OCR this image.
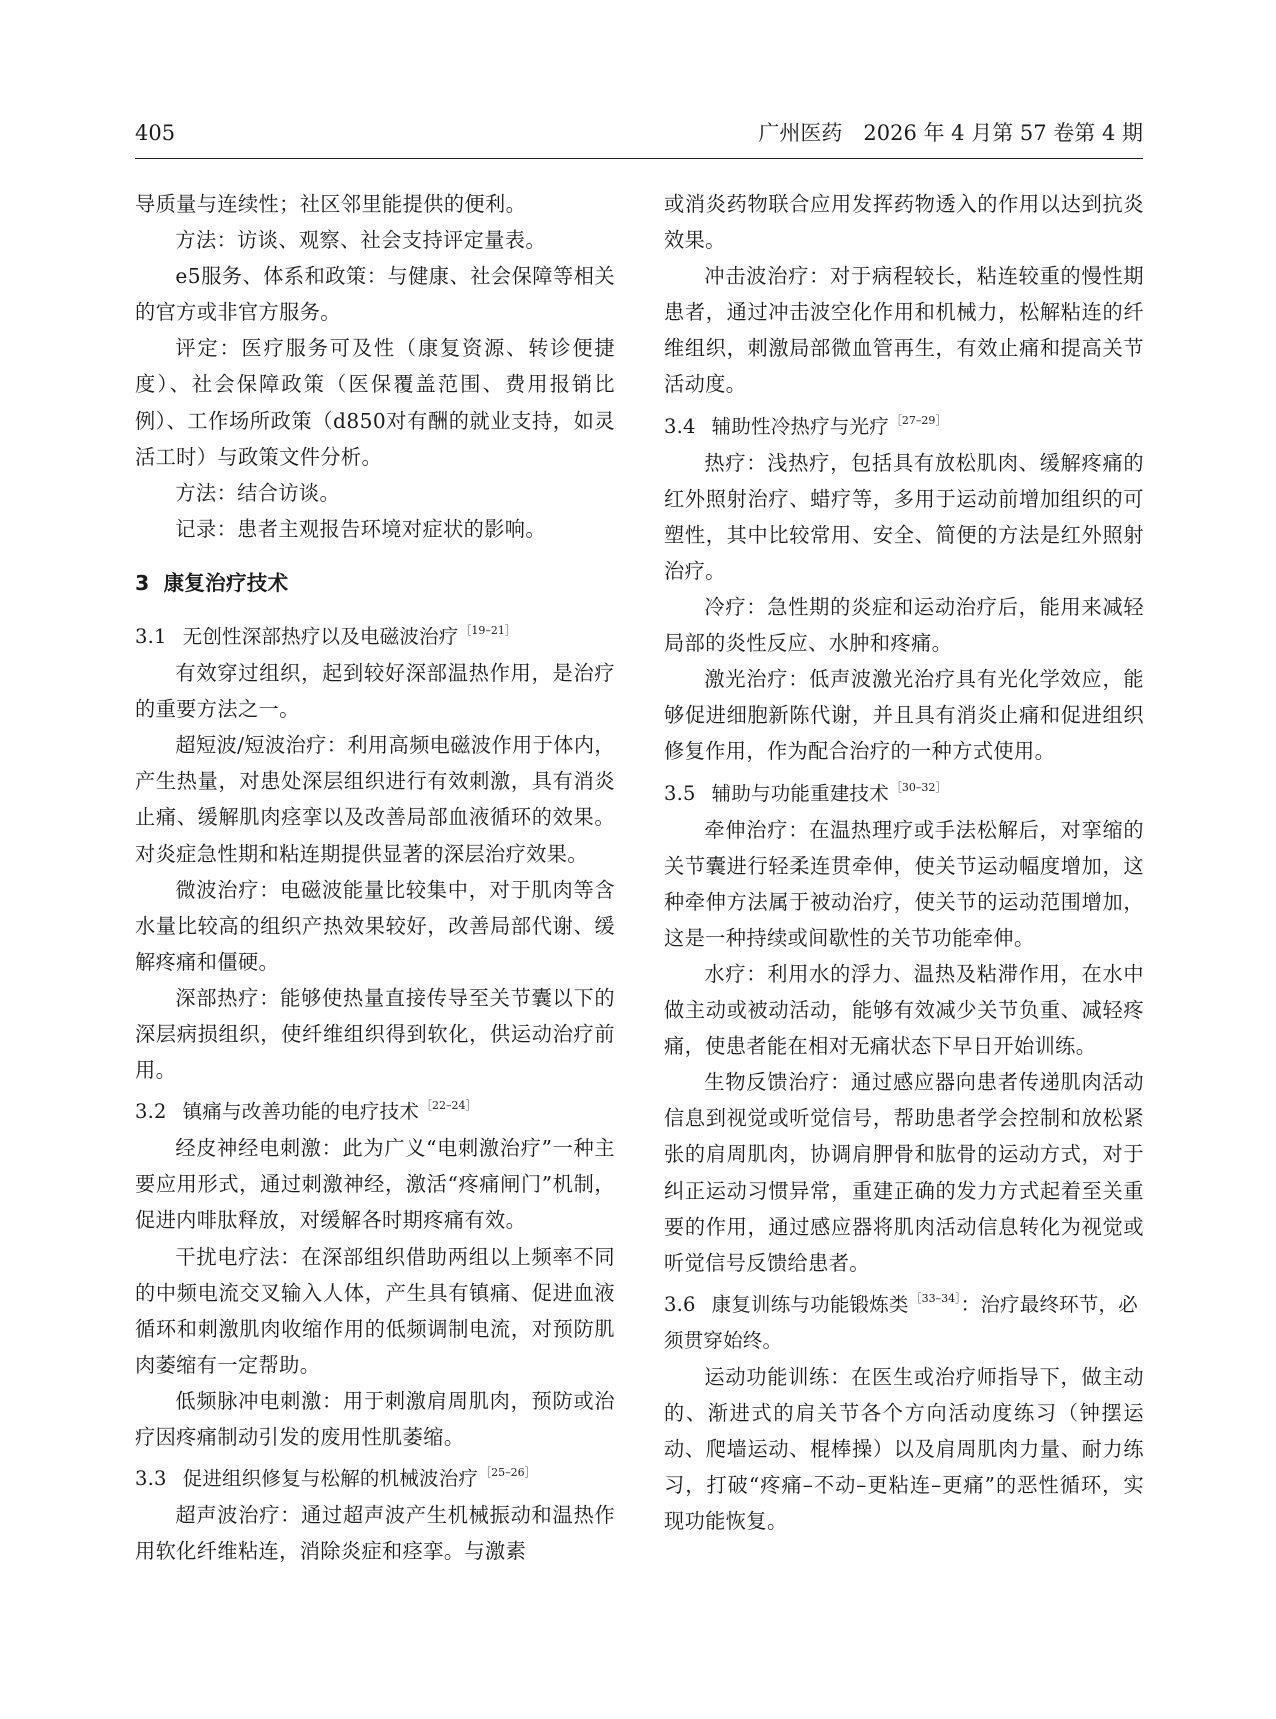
405	广州医药　2026 年 4 月第 57 卷第 4 期

导质量与连续性；社区邻里能提供的便利。

方法：访谈、观察、社会支持评定量表。

e5服务、体系和政策：与健康、社会保障等相关的官方或非官方服务。

评定：医疗服务可及性（康复资源、转诊便捷度）、社会保障政策（医保覆盖范围、费用报销比例）、工作场所政策（d850对有酬的就业支持，如灵活工时）与政策文件分析。

方法：结合访谈。

记录：患者主观报告环境对症状的影响。

3 康复治疗技术

3.1 无创性深部热疗以及电磁波治疗 $^{[19-21]}$

有效穿过组织，起到较好深部温热作用，是治疗的重要方法之一。

超短波/短波治疗：利用高频电磁波作用于体内，产生热量，对患处深层组织进行有效刺激，具有消炎止痛、缓解肌肉痉挛以及改善局部血液循环的效果。对炎症急性期和粘连期提供显著的深层治疗效果。

微波治疗：电磁波能量比较集中，对于肌肉等含水量比较高的组织产热效果较好，改善局部代谢、缓解疼痛和僵硬。

深部热疗：能够使热量直接传导至关节囊以下的深层病损组织，使纤维组织得到软化，供运动治疗前用。

3.2 镇痛与改善功能的电疗技术 $^{[22-24]}$

经皮神经电刺激：此为广义“电刺激治疗”一种主要应用形式，通过刺激神经，激活“疼痛闸门”机制，促进内啡肽释放，对缓解各时期疼痛有效。

干扰电疗法：在深部组织借助两组以上频率不同的中频电流交叉输入人体，产生具有镇痛、促进血液循环和刺激肌肉收缩作用的低频调制电流，对预防肌肉萎缩有一定帮助。

低频脉冲电刺激：用于刺激肩周肌肉，预防或治疗因疼痛制动引发的废用性肌萎缩。

3.3 促进组织修复与松解的机械波治疗 $^{[25-26]}$

超声波治疗：通过超声波产生机械振动和温热作用软化纤维粘连，消除炎症和痉挛。与激素

或消炎药物联合应用发挥药物透入的作用以达到抗炎效果。

冲击波治疗：对于病程较长，粘连较重的慢性期患者，通过冲击波空化作用和机械力，松解粘连的纤维组织，刺激局部微血管再生，有效止痛和提高关节活动度。

3.4 辅助性冷热疗与光疗 $^{[27-29]}$

热疗：浅热疗，包括具有放松肌肉、缓解疼痛的红外照射治疗、蜡疗等，多用于运动前增加组织的可塑性，其中比较常用、安全、简便的方法是红外照射治疗。

冷疗：急性期的炎症和运动治疗后，能用来减轻局部的炎性反应、水肿和疼痛。

激光治疗：低声波激光治疗具有光化学效应，能够促进细胞新陈代谢，并且具有消炎止痛和促进组织修复作用，作为配合治疗的一种方式使用。

3.5 辅助与功能重建技术 $^{[30-32]}$

牵伸治疗：在温热理疗或手法松解后，对挛缩的关节囊进行轻柔连贯牵伸，使关节运动幅度增加，这种牵伸方法属于被动治疗，使关节的运动范围增加，这是一种持续或间歇性的关节功能牵伸。

水疗：利用水的浮力、温热及粘滞作用，在水中做主动或被动活动，能够有效减少关节负重、减轻疼痛，使患者能在相对无痛状态下早日开始训练。

生物反馈治疗：通过感应器向患者传递肌肉活动信息到视觉或听觉信号，帮助患者学会控制和放松紧张的肩周肌肉，协调肩胛骨和肱骨的运动方式，对于纠正运动习惯异常，重建正确的发力方式起着至关重要的作用，通过感应器将肌肉活动信息转化为视觉或听觉信号反馈给患者。

3.6 康复训练与功能锻炼类 $^{[33-34]}$：治疗最终环节，必须贯穿始终。

运动功能训练：在医生或治疗师指导下，做主动的、渐进式的肩关节各个方向活动度练习（钟摆运动、爬墙运动、棍棒操）以及肩周肌肉力量、耐力练习，打破“疼痛–不动–更粘连–更痛”的恶性循环，实现功能恢复。
